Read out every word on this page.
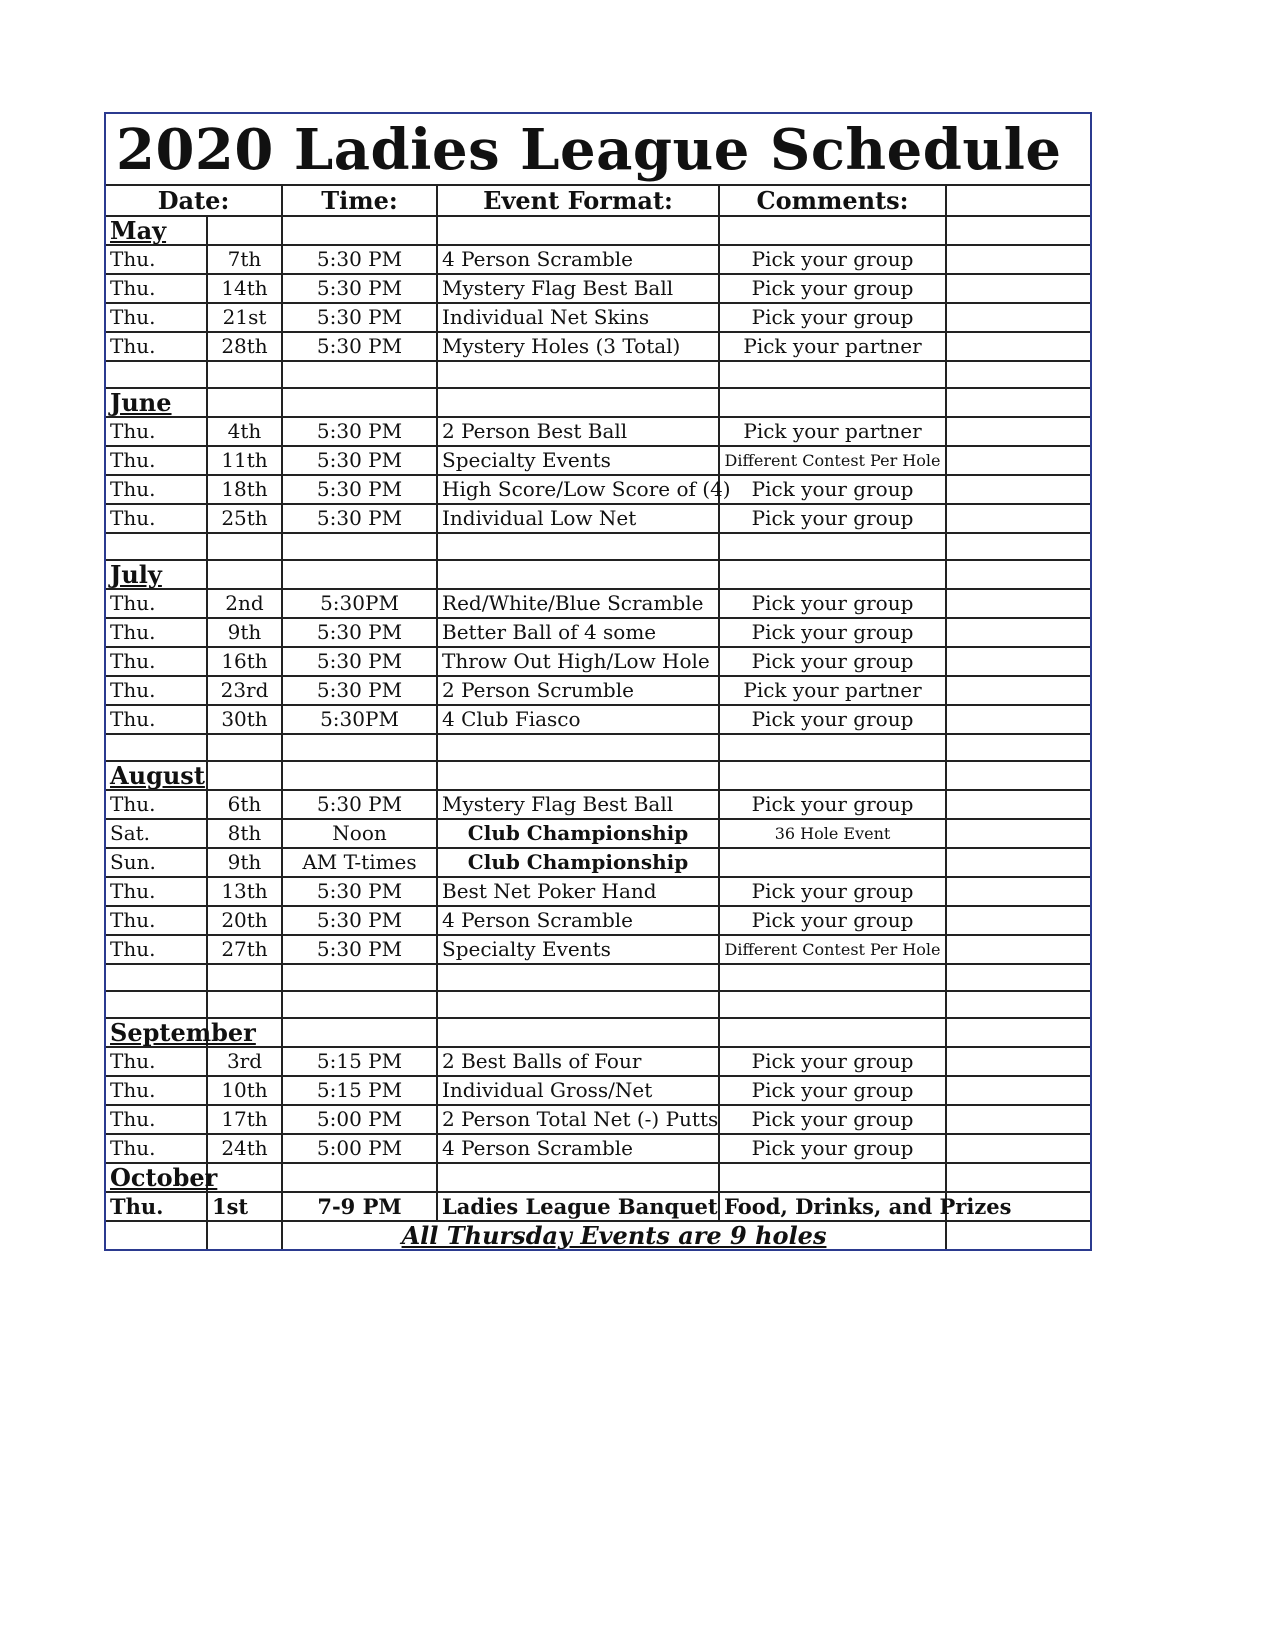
2020 Ladies League Schedule
Date:		Time:	Event Format:	Comments:	
May					
Thu.	7th	5:30 PM	4 Person Scramble	Pick your group	
Thu.	14th	5:30 PM	Mystery Flag Best Ball	Pick your group	
Thu.	21st	5:30 PM	Individual Net Skins	Pick your group	
Thu.	28th	5:30 PM	Mystery Holes (3 Total)	Pick your partner	

June					
Thu.	4th	5:30 PM	2 Person Best Ball	Pick your partner	
Thu.	11th	5:30 PM	Specialty Events	Different Contest Per Hole	
Thu.	18th	5:30 PM	High Score/Low Score of (4)	Pick your group	
Thu.	25th	5:30 PM	Individual Low Net	Pick your group	

July					
Thu.	2nd	5:30PM	Red/White/Blue Scramble	Pick your group	
Thu.	9th	5:30 PM	Better Ball of 4 some	Pick your group	
Thu.	16th	5:30 PM	Throw Out High/Low Hole	Pick your group	
Thu.	23rd	5:30 PM	2 Person Scrumble	Pick your partner	
Thu.	30th	5:30PM	4 Club Fiasco	Pick your group	

August					
Thu.	6th	5:30 PM	Mystery Flag Best Ball	Pick your group	
Sat.	8th	Noon	Club Championship	36 Hole Event	
Sun.	9th	AM T-times	Club Championship		
Thu.	13th	5:30 PM	Best Net Poker Hand	Pick your group	
Thu.	20th	5:30 PM	4 Person Scramble	Pick your group	
Thu.	27th	5:30 PM	Specialty Events	Different Contest Per Hole	

September					
Thu.	3rd	5:15 PM	2 Best Balls of Four	Pick your group	
Thu.	10th	5:15 PM	Individual Gross/Net	Pick your group	
Thu.	17th	5:00 PM	2 Person Total Net (-) Putts	Pick your group	
Thu.	24th	5:00 PM	4 Person Scramble	Pick your group	
October					
Thu.	1st	7-9 PM	Ladies League Banquet	Food, Drinks, and Prizes	
		All Thursday Events are 9 holes			
